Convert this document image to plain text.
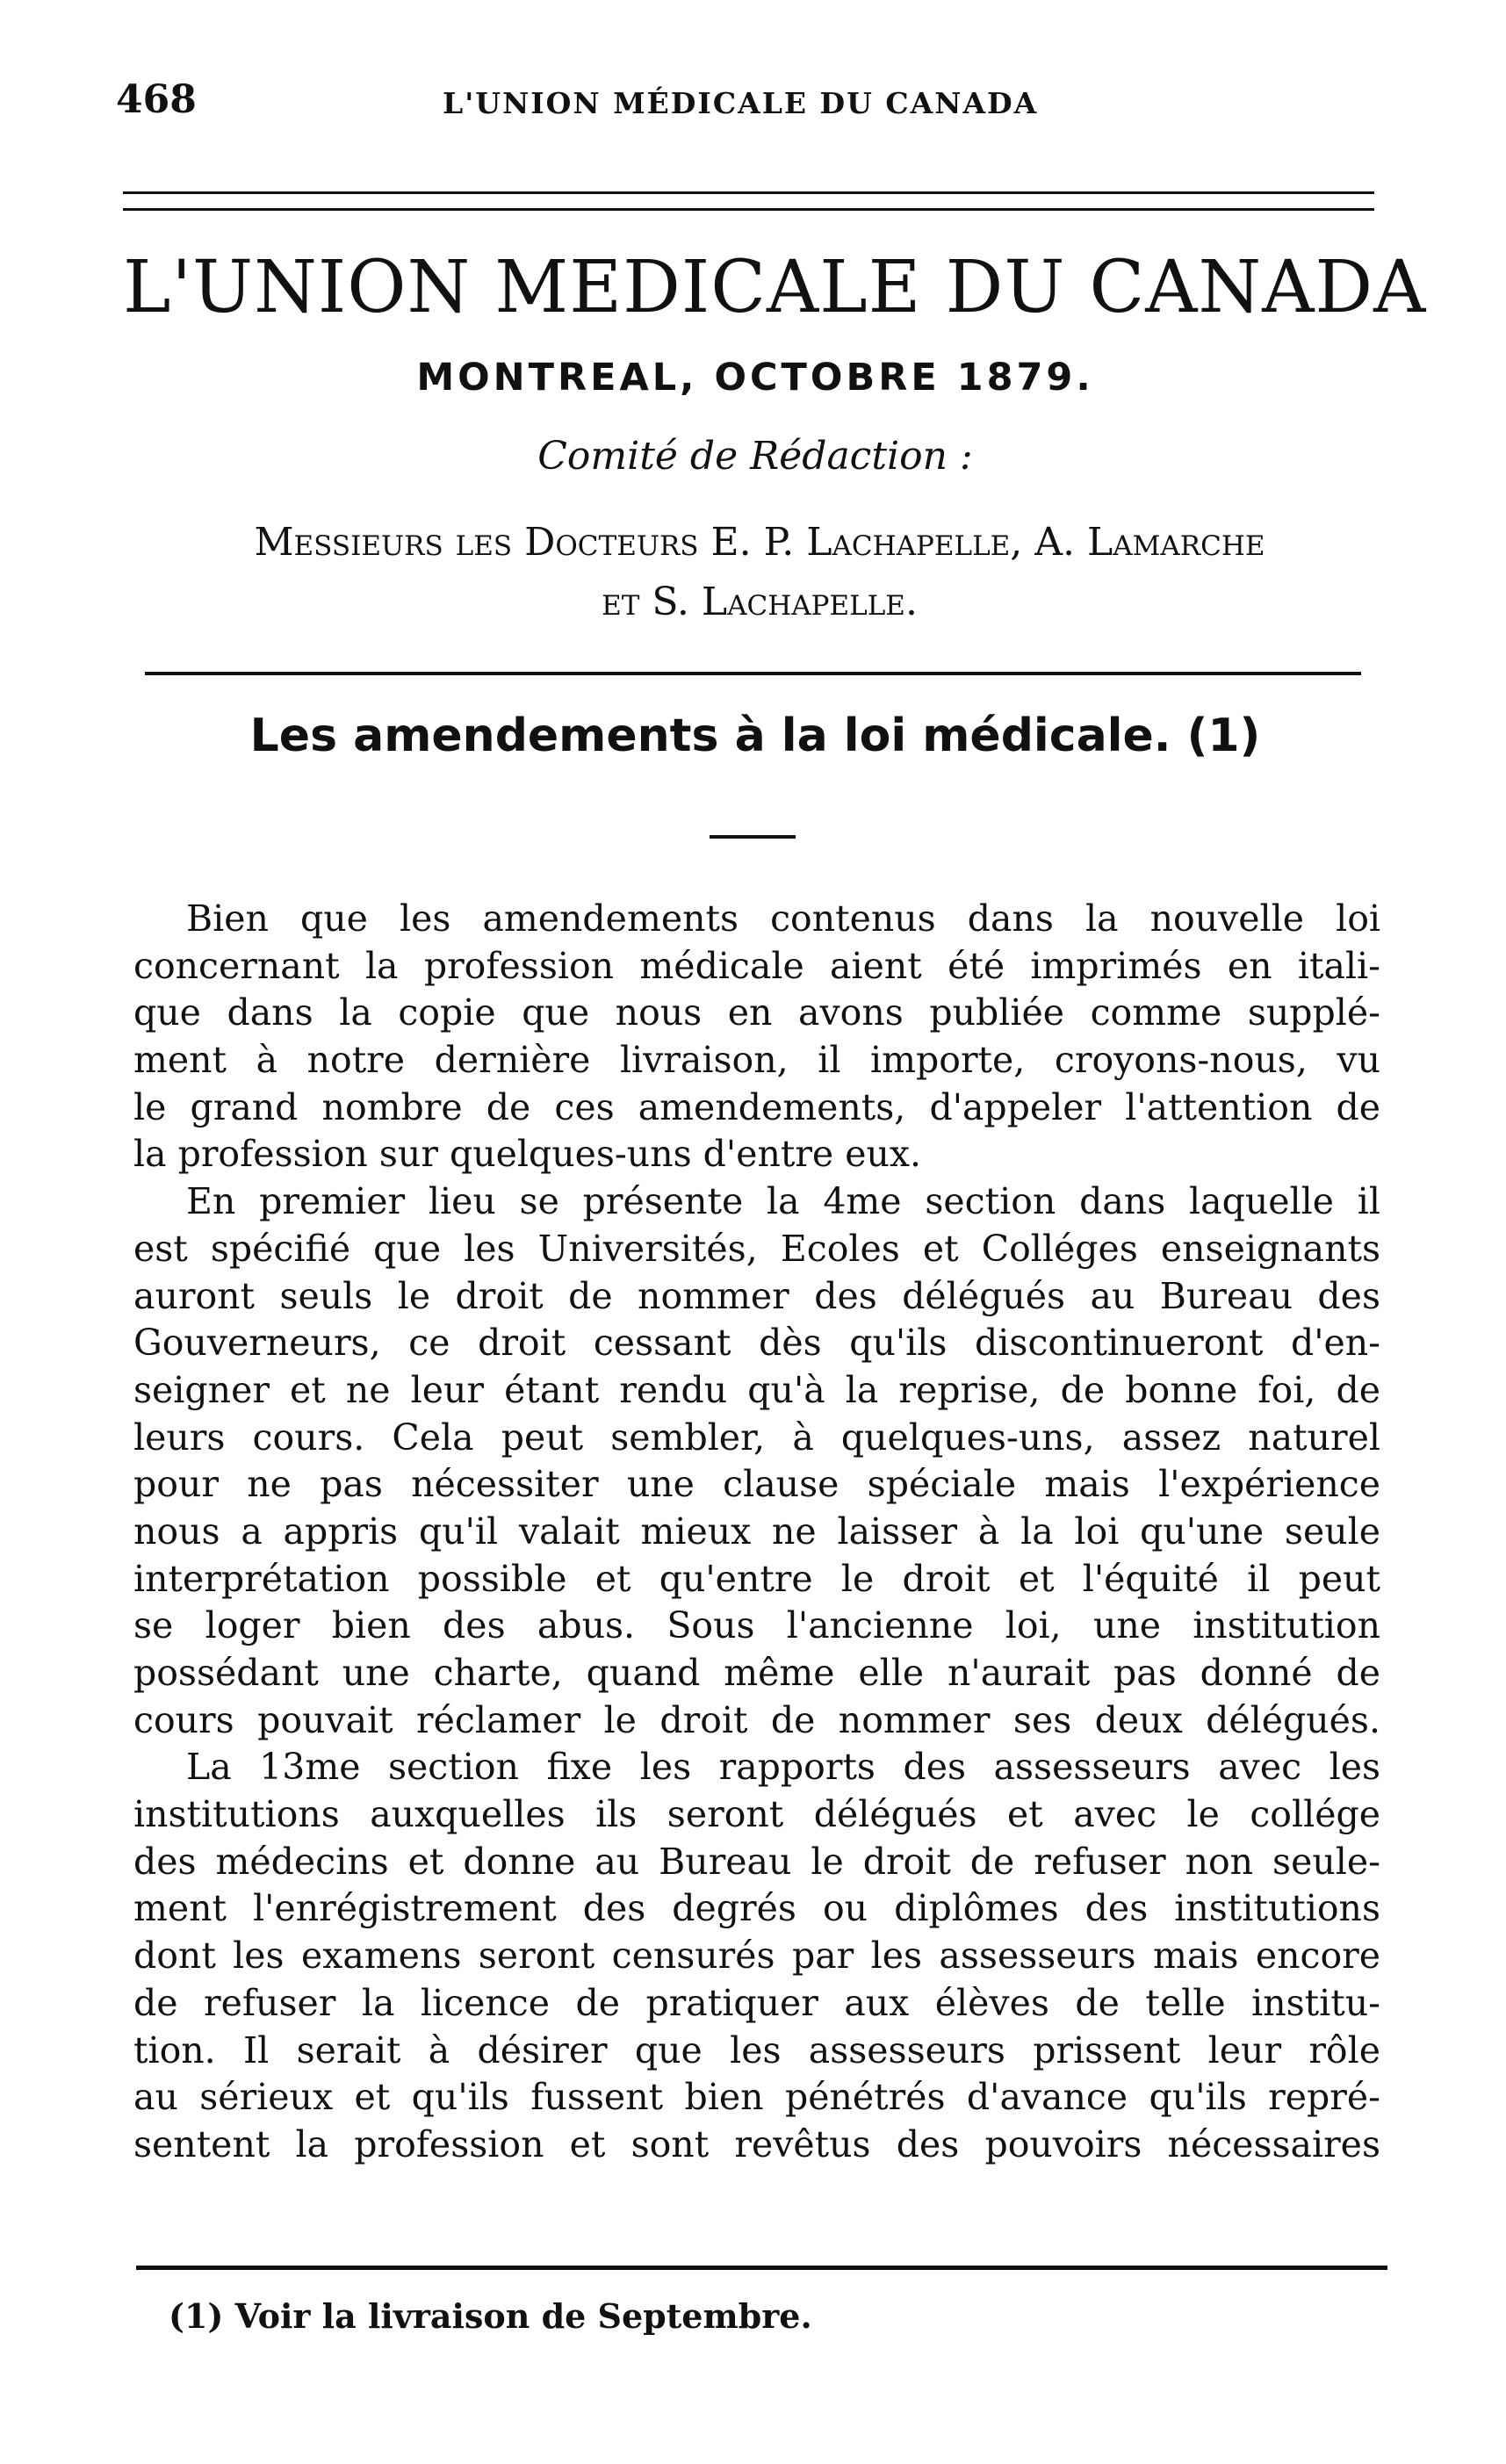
468	L'UNION MÉDICALE DU CANADA
L'UNION MEDICALE DU CANADA
MONTREAL, OCTOBRE 1879.
Comité de Rédaction :
Messieurs les Docteurs E. P. Lachapelle, A. Lamarche
et S. Lachapelle.
Les amendements à la loi médicale. (1)
Bien que les amendements contenus dans la nouvelle loi
concernant la profession médicale aient été imprimés en itali-
que dans la copie que nous en avons publiée comme supplé-
ment à notre dernière livraison, il importe, croyons-nous, vu
le grand nombre de ces amendements, d'appeler l'attention de
la profession sur quelques-uns d'entre eux.
En premier lieu se présente la 4me section dans laquelle il
est spécifié que les Universités, Ecoles et Colléges enseignants
auront seuls le droit de nommer des délégués au Bureau des
Gouverneurs, ce droit cessant dès qu'ils discontinueront d'en-
seigner et ne leur étant rendu qu'à la reprise, de bonne foi, de
leurs cours. Cela peut sembler, à quelques-uns, assez naturel
pour ne pas nécessiter une clause spéciale mais l'expérience
nous a appris qu'il valait mieux ne laisser à la loi qu'une seule
interprétation possible et qu'entre le droit et l'équité il peut
se loger bien des abus. Sous l'ancienne loi, une institution
possédant une charte, quand même elle n'aurait pas donné de
cours pouvait réclamer le droit de nommer ses deux délégués.
La 13me section fixe les rapports des assesseurs avec les
institutions auxquelles ils seront délégués et avec le collége
des médecins et donne au Bureau le droit de refuser non seule-
ment l'enrégistrement des degrés ou diplômes des institutions
dont les examens seront censurés par les assesseurs mais encore
de refuser la licence de pratiquer aux élèves de telle institu-
tion. Il serait à désirer que les assesseurs prissent leur rôle
au sérieux et qu'ils fussent bien pénétrés d'avance qu'ils repré-
sentent la profession et sont revêtus des pouvoirs nécessaires
(1) Voir la livraison de Septembre.
